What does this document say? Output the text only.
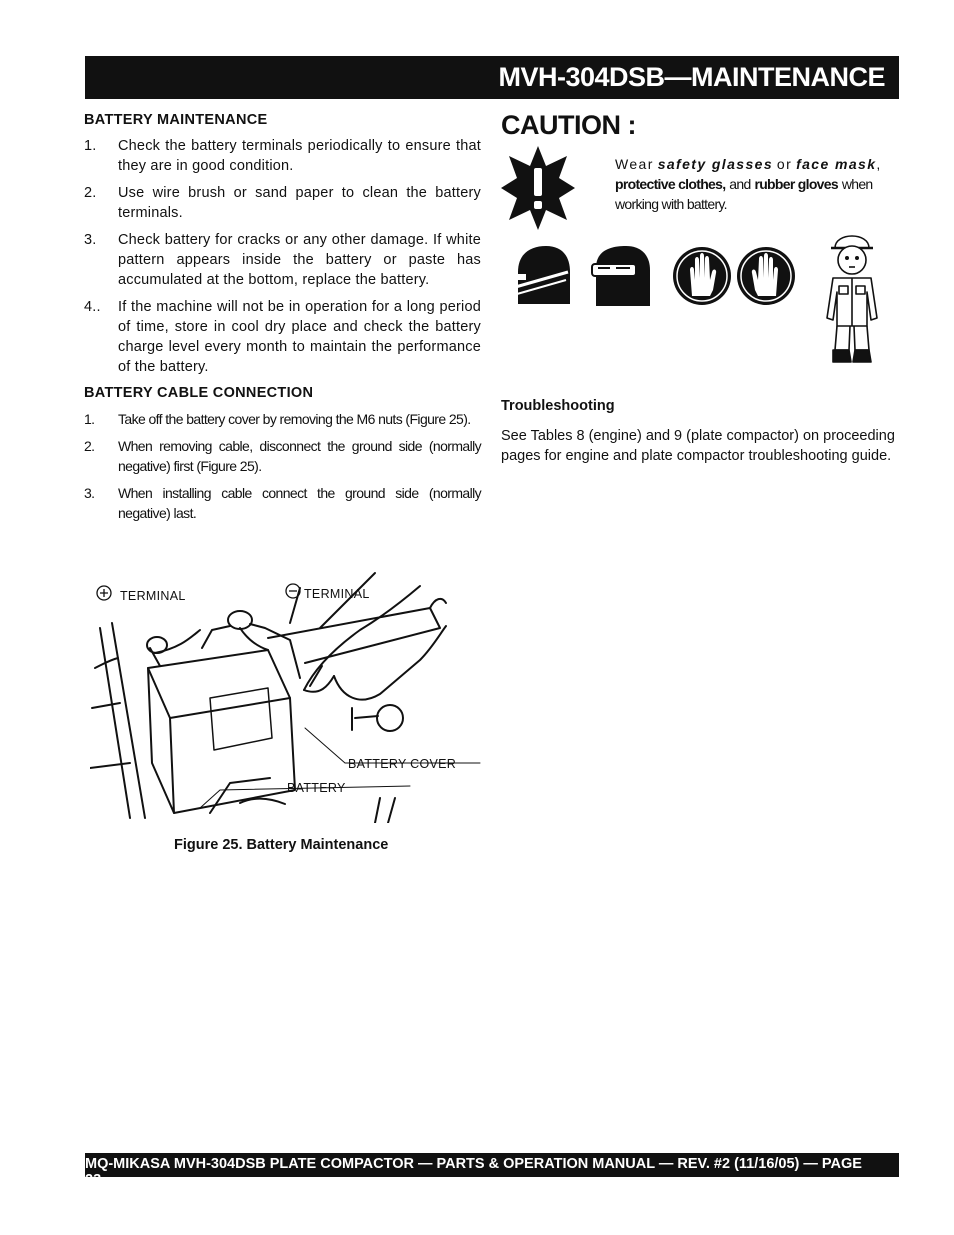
MVH-304DSB—MAINTENANCE
BATTERY MAINTENANCE
1. Check the battery terminals periodically to ensure that they are in good condition.
2. Use wire brush or sand paper to clean the battery terminals.
3. Check battery for cracks or any other damage. If white pattern appears inside the battery or paste has accumulated at the bottom, replace the battery.
4.. If the machine will not be in operation for a long period of time, store in cool dry place and check the battery charge level every month to maintain the performance of the battery.
BATTERY CABLE CONNECTION
1. Take off the battery cover by removing the M6 nuts (Figure 25).
2. When removing cable, disconnect the ground side (normally negative) first (Figure 25).
3. When installing cable connect the ground side (normally negative) last.
TERMINAL	TERMINAL
BATTERY COVER
BATTERY
Figure 25. Battery Maintenance
CAUTION :
Wear safety glasses or face mask,
protective clothes, and rubber gloves when working with battery.
Troubleshooting
See Tables 8 (engine) and 9 (plate compactor) on proceeding pages for engine and plate compactor troubleshooting guide.
MQ-MIKASA MVH-304DSB PLATE COMPACTOR — PARTS & OPERATION MANUAL — REV. #2 (11/16/05) — PAGE 23
